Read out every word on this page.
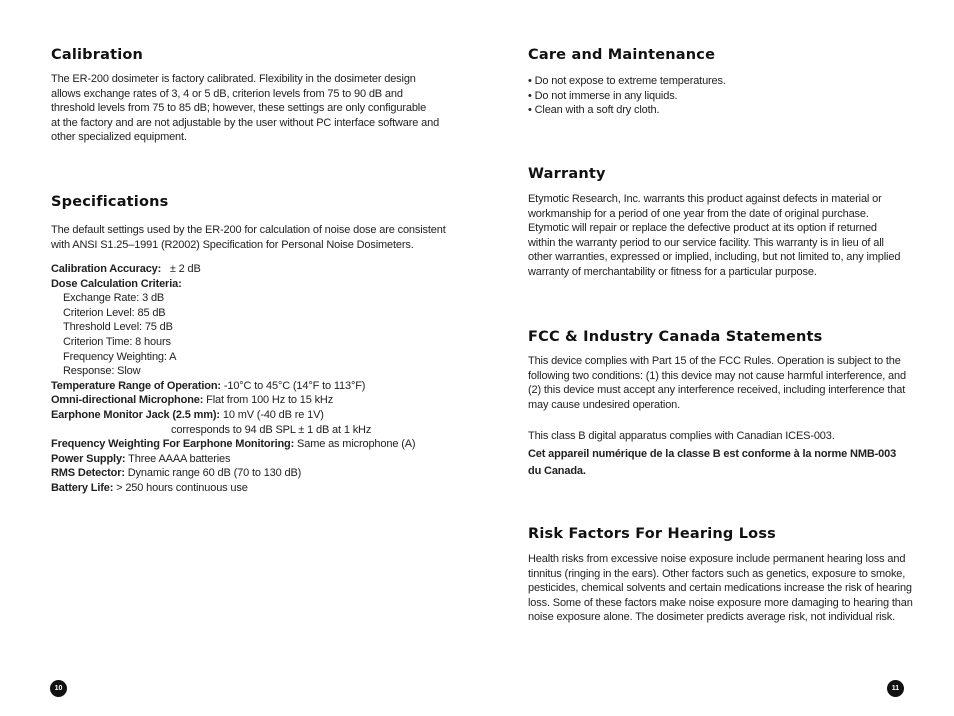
Calibration
The ER-200 dosimeter is factory calibrated. Flexibility in the dosimeter design
allows exchange rates of 3, 4 or 5 dB, criterion levels from 75 to 90 dB and
threshold levels from 75 to 85 dB; however, these settings are only configurable
at the factory and are not adjustable by the user without PC interface software and
other specialized equipment.
Specifications
The default settings used by the ER-200 for calculation of noise dose are consistent
with ANSI S1.25–1991 (R2002) Specification for Personal Noise Dosimeters.
Calibration Accuracy: ± 2 dB
Dose Calculation Criteria:
Exchange Rate: 3 dB
Criterion Level: 85 dB
Threshold Level: 75 dB
Criterion Time: 8 hours
Frequency Weighting: A
Response: Slow
Temperature Range of Operation: -10°C to 45°C (14°F to 113°F)
Omni-directional Microphone: Flat from 100 Hz to 15 kHz
Earphone Monitor Jack (2.5 mm): 10 mV (-40 dB re 1V)
corresponds to 94 dB SPL ± 1 dB at 1 kHz
Frequency Weighting For Earphone Monitoring: Same as microphone (A)
Power Supply: Three AAAA batteries
RMS Detector: Dynamic range 60 dB (70 to 130 dB)
Battery Life: > 250 hours continuous use
10
Care and Maintenance
• Do not expose to extreme temperatures.
• Do not immerse in any liquids.
• Clean with a soft dry cloth.
Warranty
Etymotic Research, Inc. warrants this product against defects in material or
workmanship for a period of one year from the date of original purchase.
Etymotic will repair or replace the defective product at its option if returned
within the warranty period to our service facility. This warranty is in lieu of all
other warranties, expressed or implied, including, but not limited to, any implied
warranty of merchantability or fitness for a particular purpose.
FCC & Industry Canada Statements
This device complies with Part 15 of the FCC Rules. Operation is subject to the
following two conditions: (1) this device may not cause harmful interference, and
(2) this device must accept any interference received, including interference that
may cause undesired operation.
This class B digital apparatus complies with Canadian ICES-003.
Cet appareil numérique de la classe B est conforme à la norme NMB-003
du Canada.
Risk Factors For Hearing Loss
Health risks from excessive noise exposure include permanent hearing loss and
tinnitus (ringing in the ears). Other factors such as genetics, exposure to smoke,
pesticides, chemical solvents and certain medications increase the risk of hearing
loss. Some of these factors make noise exposure more damaging to hearing than
noise exposure alone. The dosimeter predicts average risk, not individual risk.
11
